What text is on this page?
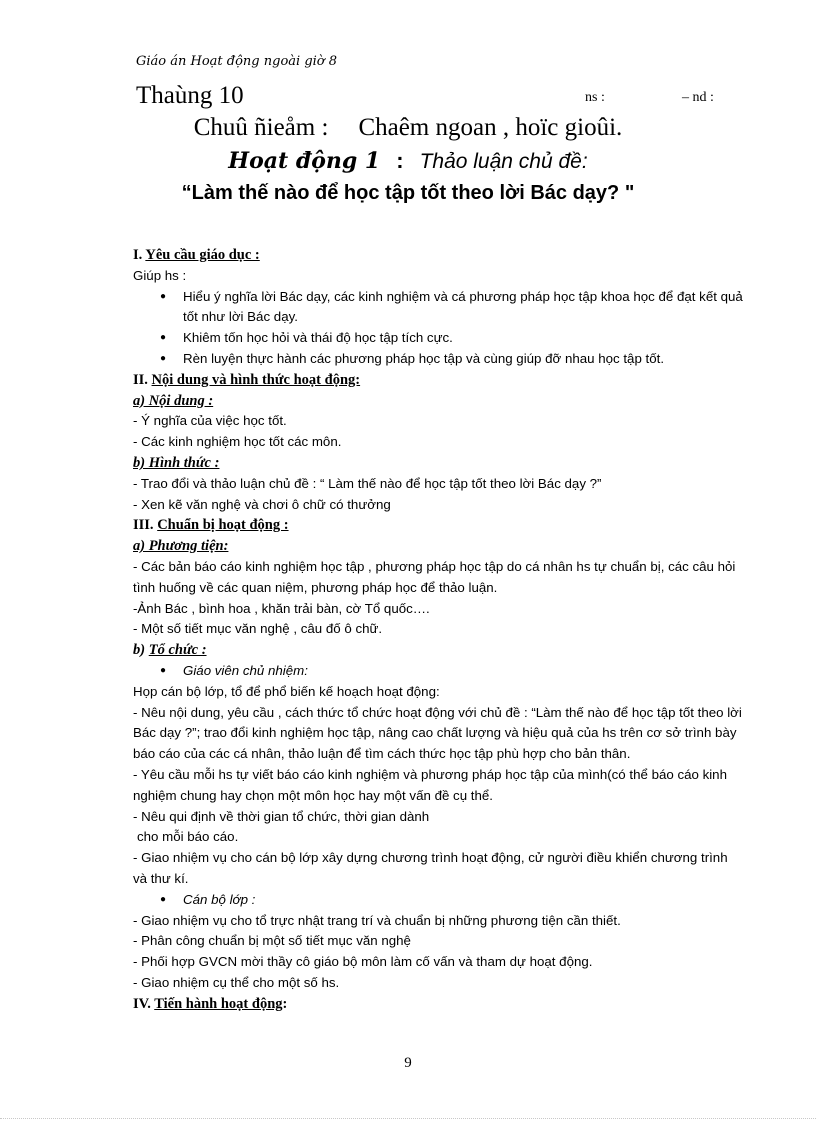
Giáo án Hoạt động ngoài giờ 8
Thaùng 10	ns :	– nd :
Chuû ñieåm : Chaêm ngoan , hoïc gioûi.
Hoạt động 1 : Thảo luận chủ đề:
“Làm thế nào để học tập tốt theo lời Bác dạy? "

I. Yêu cầu giáo dục :

Giúp hs :

● Hiểu ý nghĩa lời Bác dạy, các kinh nghiệm và cá phương pháp học tập khoa học để đạt kết quả tốt như lời Bác dạy.

● Khiêm tốn học hỏi và thái độ học tập tích cực.

● Rèn luyện thực hành các phương pháp học tập và cùng giúp đỡ nhau học tập tốt.

II. Nội dung và hình thức hoạt động:

a) Nội dung :

- Ý nghĩa của việc học tốt.

- Các kinh nghiệm học tốt các môn.

b) Hình thức :

- Trao đổi và thảo luận chủ đề : “ Làm thế nào để học tập tốt theo lời Bác dạy ?”

- Xen kẽ văn nghệ và chơi ô chữ có thưởng

III. Chuẩn bị hoạt động :

a) Phương tiện:

- Các bản báo cáo kinh nghiệm học tập , phương pháp học tập do cá nhân hs tự chuẩn bị, các câu hỏi tình huống về các quan niệm, phương pháp học để thảo luận.

-Ảnh Bác , bình hoa , khăn trải bàn, cờ Tổ quốc….

- Một số tiết mục văn nghệ , câu đố ô chữ.

b) Tổ chức :

● Giáo viên chủ nhiệm:

Họp cán bộ lớp, tổ để phổ biến kế hoạch hoạt động:

- Nêu nội dung, yêu cầu , cách thức tổ chức hoạt động với chủ đề : “Làm thế nào để học tập tốt theo lời Bác dạy ?”; trao đổi kinh nghiệm học tập, nâng cao chất lượng và hiệu quả của hs trên cơ sở trình bày báo cáo của các cá nhân, thảo luận để tìm cách thức học tập phù hợp cho bản thân.

- Yêu cầu mỗi hs tự viết báo cáo kinh nghiệm và phương pháp học tập của mình(có thể báo cáo kinh nghiệm chung hay chọn một môn học hay một vấn đề cụ thể.

- Nêu qui định về thời gian tổ chức, thời gian dành

cho mỗi báo cáo.

- Giao nhiệm vụ cho cán bộ lớp xây dựng chương trình hoạt động, cử người điều khiển chương trình và thư kí.

● Cán bộ lớp :

- Giao nhiệm vụ cho tổ trực nhật trang trí và chuẩn bị những phương tiện cần thiết.

- Phân công chuẩn bị một số tiết mục văn nghệ

- Phối hợp GVCN mời thầy cô giáo bộ môn làm cố vấn và tham dự hoạt động.

- Giao nhiệm cụ thể cho một số hs.

IV. Tiến hành hoạt động:

9
